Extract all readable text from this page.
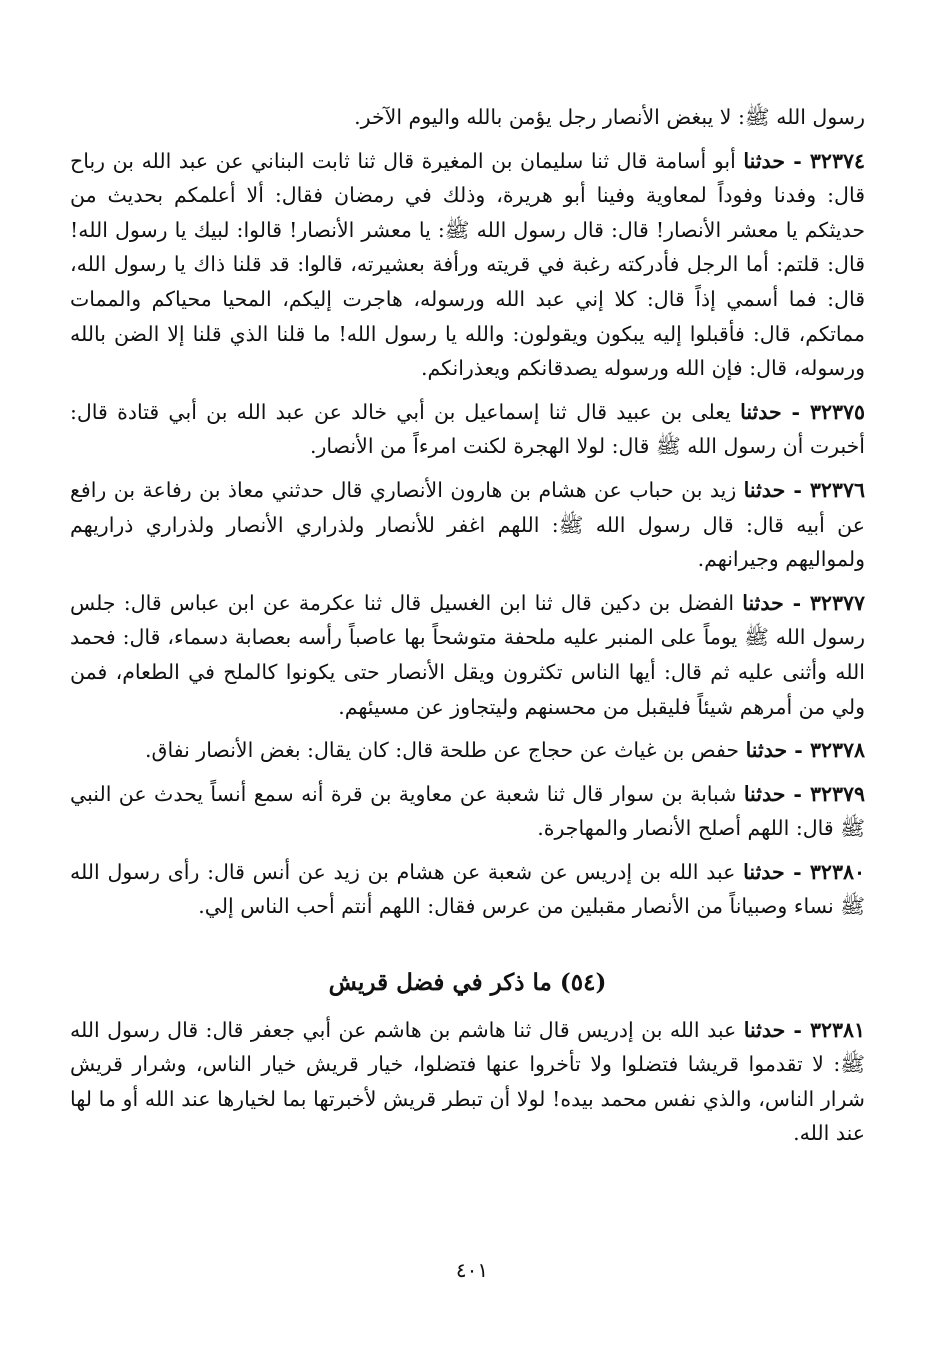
رسول الله ﷺ: لا يبغض الأنصار رجل يؤمن بالله واليوم الآخر.

٣٢٣٧٤ - حدثنا أبو أسامة قال ثنا سليمان بن المغيرة قال ثنا ثابت البناني عن عبد الله بن رباح قال: وفدنا وفوداً لمعاوية وفينا أبو هريرة، وذلك في رمضان فقال: ألا أعلمكم بحديث من حديثكم يا معشر الأنصار! قال: قال رسول الله ﷺ: يا معشر الأنصار! قالوا: لبيك يا رسول الله! قال: قلتم: أما الرجل فأدركته رغبة في قريته ورأفة بعشيرته، قالوا: قد قلنا ذاك يا رسول الله، قال: فما أسمي إذاً قال: كلا إني عبد الله ورسوله، هاجرت إليكم، المحيا محياكم والممات مماتكم، قال: فأقبلوا إليه يبكون ويقولون: والله يا رسول الله! ما قلنا الذي قلنا إلا الضن بالله ورسوله، قال: فإن الله ورسوله يصدقانكم ويعذرانكم.

٣٢٣٧٥ - حدثنا يعلى بن عبيد قال ثنا إسماعيل بن أبي خالد عن عبد الله بن أبي قتادة قال: أخبرت أن رسول الله ﷺ قال: لولا الهجرة لكنت امرءاً من الأنصار.

٣٢٣٧٦ - حدثنا زيد بن حباب عن هشام بن هارون الأنصاري قال حدثني معاذ بن رفاعة بن رافع عن أبيه قال: قال رسول الله ﷺ: اللهم اغفر للأنصار ولذراري الأنصار ولذراري ذراريهم ولمواليهم وجيرانهم.

٣٢٣٧٧ - حدثنا الفضل بن دكين قال ثنا ابن الغسيل قال ثنا عكرمة عن ابن عباس قال: جلس رسول الله ﷺ يوماً على المنبر عليه ملحفة متوشحاً بها عاصباً رأسه بعصابة دسماء، قال: فحمد الله وأثنى عليه ثم قال: أيها الناس تكثرون ويقل الأنصار حتى يكونوا كالملح في الطعام، فمن ولي من أمرهم شيئاً فليقبل من محسنهم وليتجاوز عن مسيئهم.

٣٢٣٧٨ - حدثنا حفص بن غياث عن حجاج عن طلحة قال: كان يقال: بغض الأنصار نفاق.

٣٢٣٧٩ - حدثنا شبابة بن سوار قال ثنا شعبة عن معاوية بن قرة أنه سمع أنساً يحدث عن النبي ﷺ قال: اللهم أصلح الأنصار والمهاجرة.

٣٢٣٨٠ - حدثنا عبد الله بن إدريس عن شعبة عن هشام بن زيد عن أنس قال: رأى رسول الله ﷺ نساء وصبياناً من الأنصار مقبلين من عرس فقال: اللهم أنتم أحب الناس إلي.

(٥٤) ما ذكر في فضل قريش

٣٢٣٨١ - حدثنا عبد الله بن إدريس قال ثنا هاشم بن هاشم عن أبي جعفر قال: قال رسول الله ﷺ: لا تقدموا قريشا فتضلوا ولا تأخروا عنها فتضلوا، خيار قريش خيار الناس، وشرار قريش شرار الناس، والذي نفس محمد بيده! لولا أن تبطر قريش لأخبرتها بما لخيارها عند الله أو ما لها عند الله.

٤٠١
